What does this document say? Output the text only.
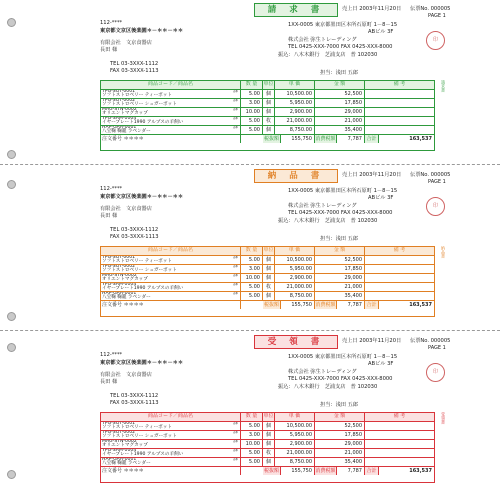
請 求 書	売上日 2003年11月20日 伝票No. 000005
PAGE 1
112-****
東京都文京区後楽園＊－＊＊－＊＊
有限会社　文京食器店
長田 様
TEL 03-3XXX-1112
FAX 03-3XXX-1113
1XX-0005 東京都墨田区本所石原町 1－8－15
ABビル 3F
株式会社 弥生トレーディング
TEL 0425-XXX-7000 FAX 0425-XXX-8000
振込：八木木銀行　芝浦支店　普 102030
印
担当：浅田 五郎
商品コード／商品名	数 量	単位	単 価	金 額	備 考
TPG-SOT-0001
ソフトストロベリー ティーポット
課	5.00	個	10,500.00	52,500
TPG-SOT-0002
ソフトストロベリー シュガーポット
課	3.00	個	5,950.00	17,850
MAG-STN-0002
オリエントマグカップ
課	10.00	個	2,900.00	29,000
YPG-SAM-0004
イヤープレート1990 アルプスの羊飼い
課	5.00	枚	21,000.00	21,000
HAP-GAA-0001
八宝鞠 鞠籠 ラベンダー
課	5.00	個	8,750.00	35,400
注文番号 ＊＊＊＊	税抜額	155,750 消費税額	7,787 合計	163,537
請求書
納 品 書	売上日 2003年11月20日 伝票No. 000005
PAGE 1
112-****
東京都文京区後楽園＊－＊＊－＊＊
有限会社　文京食器店
長田 様
TEL 03-3XXX-1112
FAX 03-3XXX-1113
1XX-0005 東京都墨田区本所石原町 1－8－15
ABビル 3F
株式会社 弥生トレーディング
TEL 0425-XXX-7000 FAX 0425-XXX-8000
振込：八木木銀行　芝浦支店　普 102030
印
担当：浅田 五郎
商品コード／商品名	数 量	単位	単 価	金 額	備 考
TPG-SOT-0001
ソフトストロベリー ティーポット
課	5.00	個	10,500.00	52,500
TPG-SOT-0002
ソフトストロベリー シュガーポット
課	3.00	個	5,950.00	17,850
MAG-STN-0002
オリエントマグカップ
課	10.00	個	2,900.00	29,000
YPG-SAM-0004
イヤープレート1990 アルプスの羊飼い
課	5.00	枚	21,000.00	21,000
HAP-GAA-0001
八宝鞠 鞠籠 ラベンダー
課	5.00	個	8,750.00	35,400
注文番号 ＊＊＊＊	税抜額	155,750 消費税額	7,787 合計	163,537
納品書
受 領 書	売上日 2003年11月20日 伝票No. 000005
PAGE 1
112-****
東京都文京区後楽園＊－＊＊－＊＊
有限会社　文京食器店
長田 様
TEL 03-3XXX-1112
FAX 03-3XXX-1113
1XX-0005 東京都墨田区本所石原町 1－8－15
ABビル 3F
株式会社 弥生トレーディング
TEL 0425-XXX-7000 FAX 0425-XXX-8000
振込：八木木銀行　芝浦支店　普 102030
印
担当：浅田 五郎
商品コード／商品名	数 量	単位	単 価	金 額	備 考
TPG-SOT-0001
ソフトストロベリー ティーポット
課	5.00	個	10,500.00	52,500
TPG-SOT-0002
ソフトストロベリー シュガーポット
課	3.00	個	5,950.00	17,850
MAG-STN-0002
オリエントマグカップ
課	10.00	個	2,900.00	29,000
YPG-SAM-0004
イヤープレート1990 アルプスの羊飼い
課	5.00	枚	21,000.00	21,000
HAP-GAA-0001
八宝鞠 鞠籠 ラベンダー
課	5.00	個	8,750.00	35,400
注文番号 ＊＊＊＊	税抜額	155,750 消費税額	7,787 合計	163,537
受領書
